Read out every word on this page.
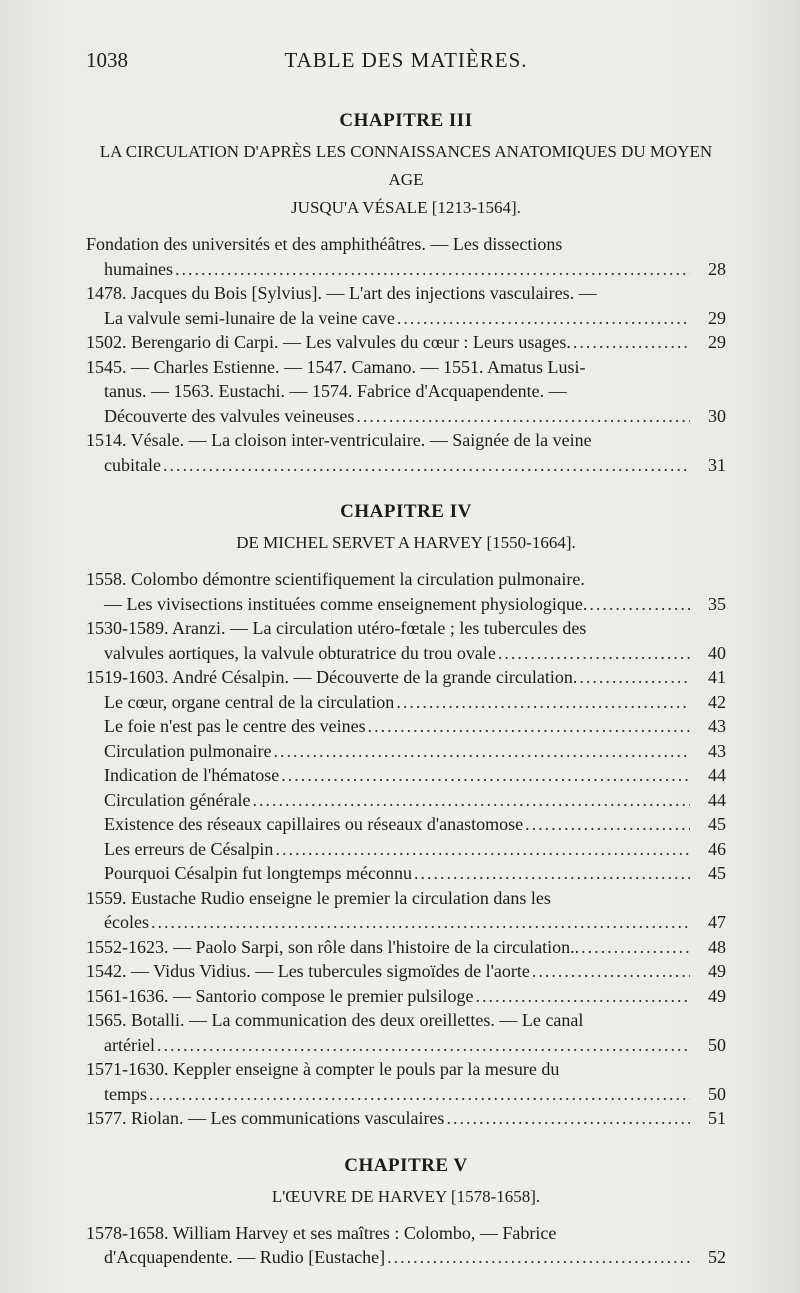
1038	TABLE DES MATIÈRES.
CHAPITRE III
LA CIRCULATION D'APRÈS LES CONNAISSANCES ANATOMIQUES DU MOYEN AGE
JUSQU'A VÉSALE [1213-1564].
Fondation des universités et des amphithéâtres. — Les dissections
humaines .....	28
1478. Jacques du Bois [Sylvius]. — L'art des injections vasculaires. —
La valvule semi-lunaire de la veine cave .....	29
1502. Berengario di Carpi. — Les valvules du cœur : Leurs usages. .....	29
1545. — Charles Estienne. — 1547. Camano. — 1551. Amatus Lusi-
tanus. — 1563. Eustachi. — 1574. Fabrice d'Acquapendente. —
Découverte des valvules veineuses .....	30
1514. Vésale. — La cloison inter-ventriculaire. — Saignée de la veine
cubitale .....	31
CHAPITRE IV
DE MICHEL SERVET A HARVEY [1550-1664].
1558. Colombo démontre scientifiquement la circulation pulmonaire.
— Les vivisections instituées comme enseignement physiologique. .....	35
1530-1589. Aranzi. — La circulation utéro-fœtale ; les tubercules des
valvules aortiques, la valvule obturatrice du trou ovale .....	40
1519-1603. André Césalpin. — Découverte de la grande circulation. .....	41
Le cœur, organe central de la circulation .....	42
Le foie n'est pas le centre des veines .....	43
Circulation pulmonaire .....	43
Indication de l'hématose .....	44
Circulation générale .....	44
Existence des réseaux capillaires ou réseaux d'anastomose .....	45
Les erreurs de Césalpin .....	46
Pourquoi Césalpin fut longtemps méconnu .....	45
1559. Eustache Rudio enseigne le premier la circulation dans les
écoles .....	47
1552-1623. — Paolo Sarpi, son rôle dans l'histoire de la circulation.. .....	48
1542. — Vidus Vidius. — Les tubercules sigmoïdes de l'aorte .....	49
1561-1636. — Santorio compose le premier pulsiloge .....	49
1565. Botalli. — La communication des deux oreillettes. — Le canal
artériel .....	50
1571-1630. Keppler enseigne à compter le pouls par la mesure du
temps .....	50
1577. Riolan. — Les communications vasculaires .....	51
CHAPITRE V
L'ŒUVRE DE HARVEY [1578-1658].
1578-1658. William Harvey et ses maîtres : Colombo, — Fabrice
d'Acquapendente. — Rudio [Eustache] .....	52
